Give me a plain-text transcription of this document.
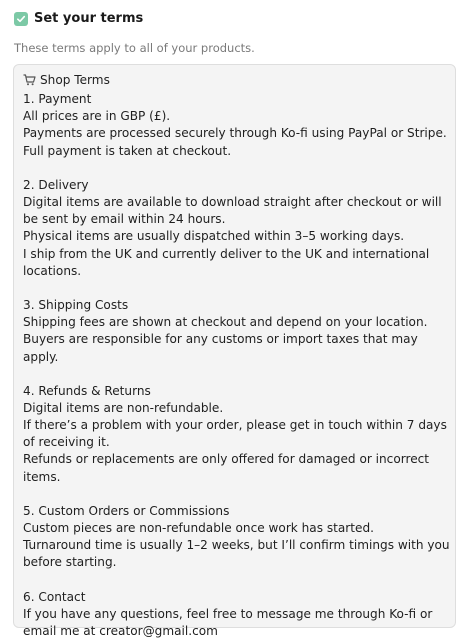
Set your terms
These terms apply to all of your products.
Shop Terms
1. Payment
All prices are in GBP (£).
Payments are processed securely through Ko-fi using PayPal or Stripe.
Full payment is taken at checkout.

2. Delivery
Digital items are available to download straight after checkout or will be sent by email within 24 hours.
Physical items are usually dispatched within 3–5 working days.
I ship from the UK and currently deliver to the UK and international locations.

3. Shipping Costs
Shipping fees are shown at checkout and depend on your location.
Buyers are responsible for any customs or import taxes that may apply.

4. Refunds & Returns
Digital items are non-refundable.
If there’s a problem with your order, please get in touch within 7 days of receiving it.
Refunds or replacements are only offered for damaged or incorrect items.

5. Custom Orders or Commissions
Custom pieces are non-refundable once work has started.
Turnaround time is usually 1–2 weeks, but I’ll confirm timings with you before starting.

6. Contact
If you have any questions, feel free to message me through Ko-fi or email me at creator@gmail.com
